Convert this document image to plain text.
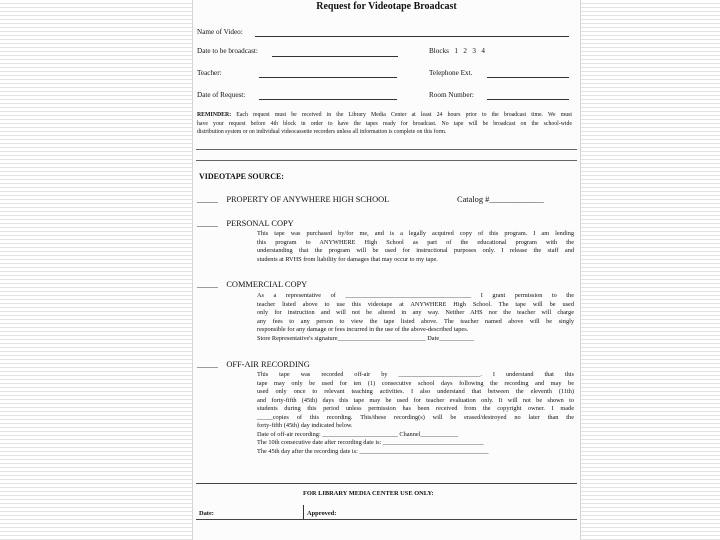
Request for Videotape Broadcast
Name of Video:
Date to be broadcast:	Blocks 1 2 3 4
Teacher:	Telephone Ext.
Date of Request:	Room Number:
REMINDER: Each request must be received in the Library Media Center at least 24 hours prior to the broadcast time. We must
have your request before 4th block in order to have the tapes ready for broadcast. No tape will be broadcast on the school-wide
distribution system or on individual videocassette recorders unless all information is complete on this form.
VIDEOTAPE SOURCE:
_____ PROPERTY OF ANYWHERE HIGH SCHOOL	Catalog #_____________
_____ PERSONAL COPY
This tape was purchased by/for me, and is a legally acquired copy of this program. I am lending
this program to ANYWHERE High School as part of the educational program with the
understanding that the program will be used for instructional purposes only. I release the staff and
students at RVHS from liability for damages that may occur to my tape.
_____ COMMERCIAL COPY
As a representative of ________________________________________ I grant permission to the
teacher listed above to use this videotape at ANYWHERE High School. The tape will be used
only for instruction and will not be altered in any way. Neither AHS nor the teacher will charge
any fees to any person to view the tape listed above. The teacher named above will be singly
responsible for any damage or fees incurred in the use of the above-described tapes.
Store Representative's signature____________________________ Date___________
_____ OFF-AIR RECORDING
This tape was recorded off-air by __________________________. I understand that this
tape may only be used for ten (1) consecutive school days following the recording and may be
used only once to relevant teaching activities. I also understand that between the eleventh (11th)
and forty-fifth (45th) days this tape may be used for teacher evaluation only. It will not be shown to
students during this period unless permission has been received from the copyright owner. I made
_____copies of this recording. This/these recording(s) will be erased/destroyed no later than the
forty-fifth (45th) day indicated below.
Date of off-air recording: ________________________ Channel____________
The 10th consecutive date after recording date is: ________________________________
The 45th day after the recording date is: _________________________________________
FOR LIBRARY MEDIA CENTER USE ONLY:
Date:	Approved:
